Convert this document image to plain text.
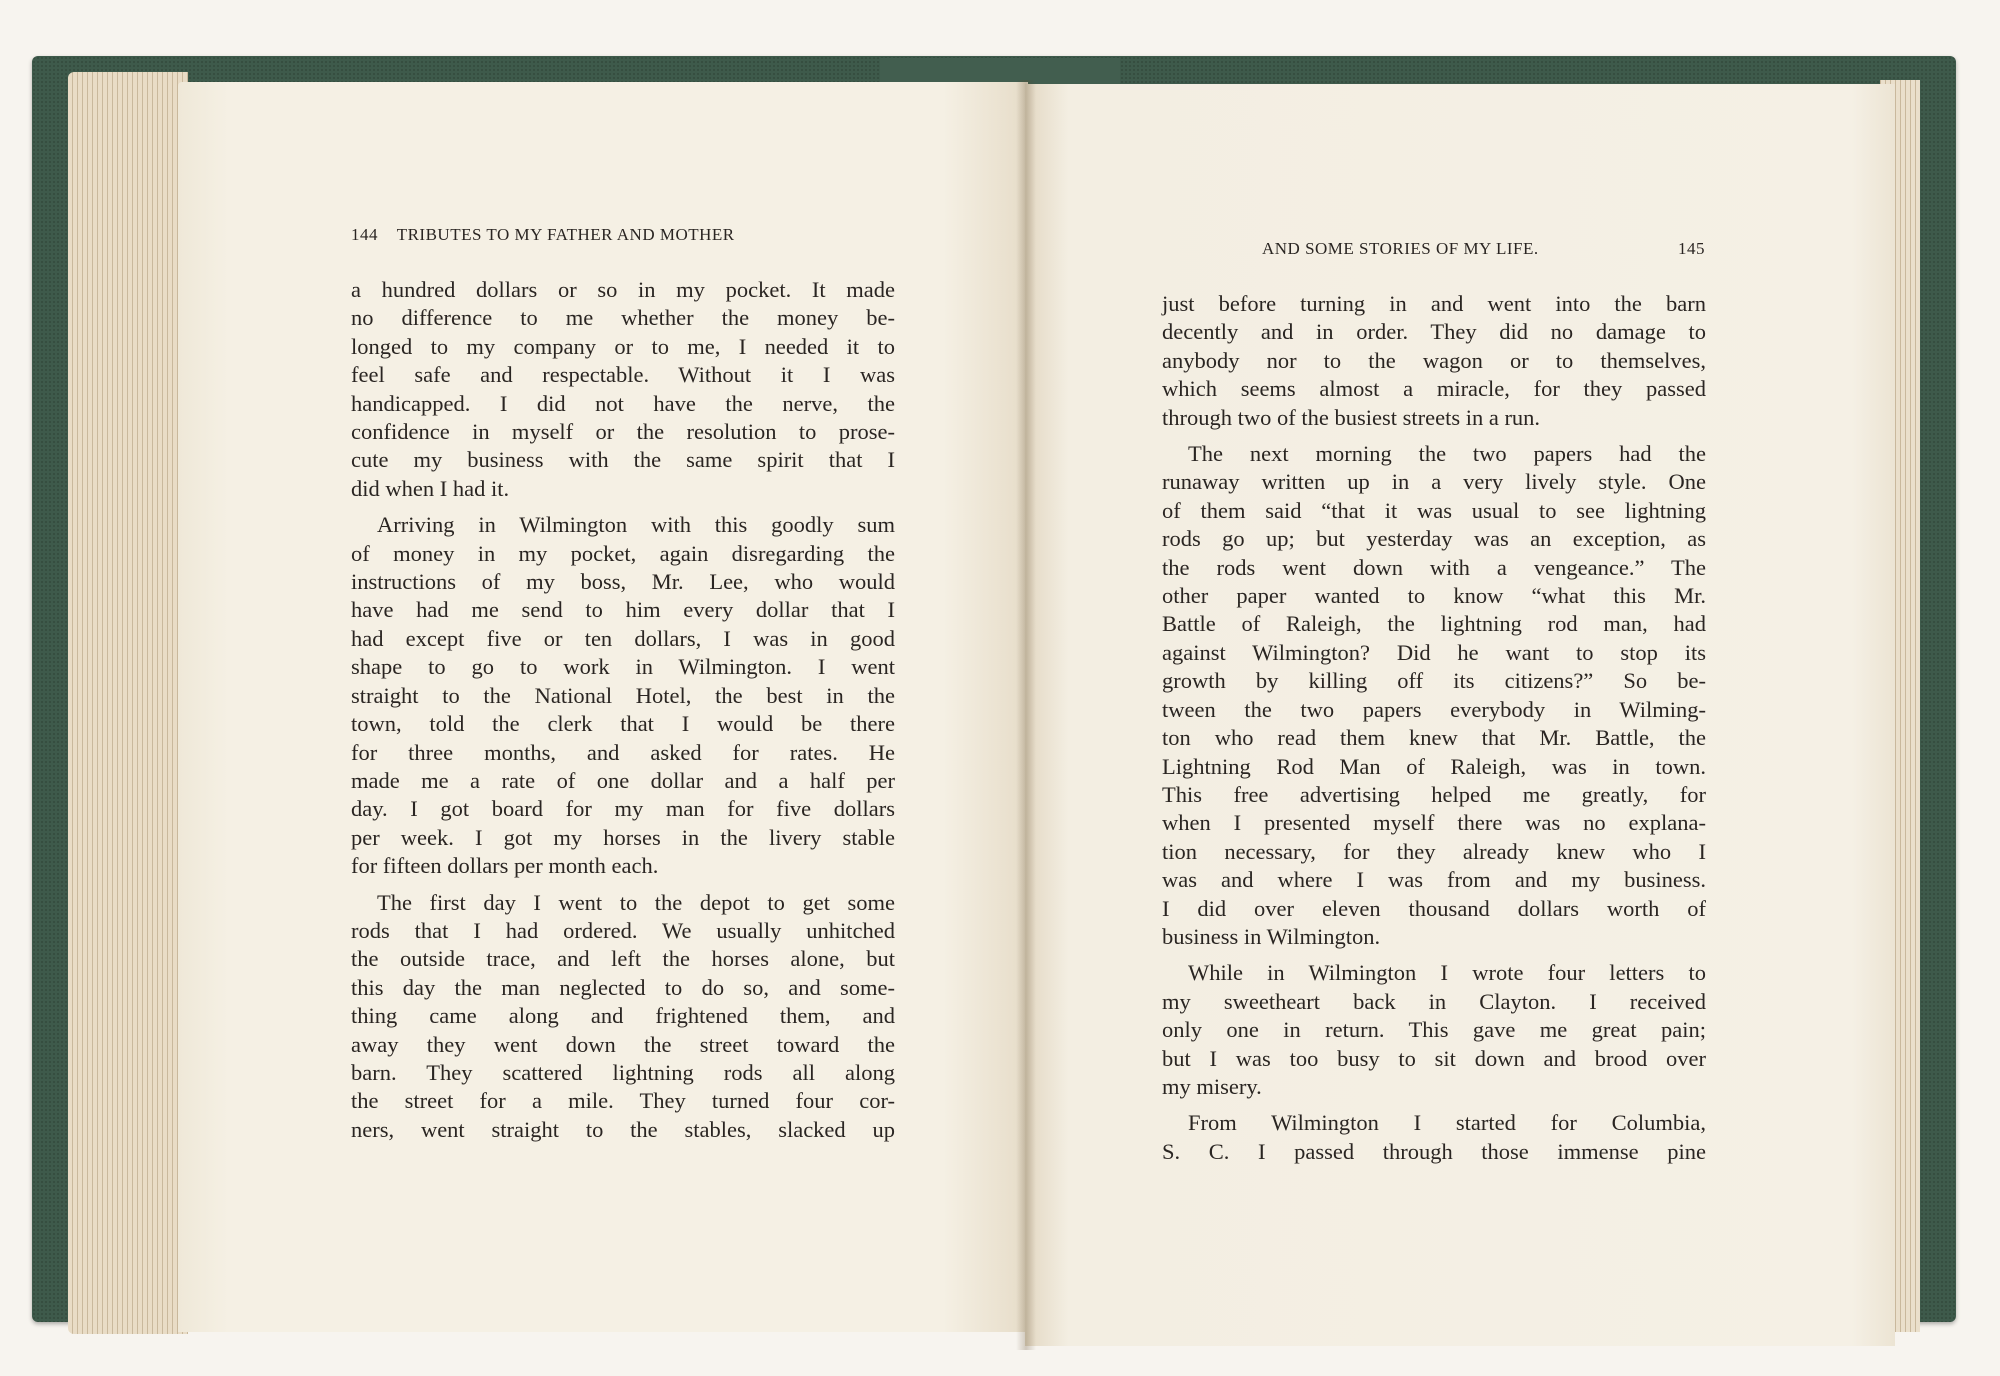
144 TRIBUTES TO MY FATHER AND MOTHER
a hundred dollars or so in my pocket. It made
no difference to me whether the money be-
longed to my company or to me, I needed it to
feel safe and respectable. Without it I was
handicapped. I did not have the nerve, the
confidence in myself or the resolution to prose-
cute my business with the same spirit that I
did when I had it.
Arriving in Wilmington with this goodly sum
of money in my pocket, again disregarding the
instructions of my boss, Mr. Lee, who would
have had me send to him every dollar that I
had except five or ten dollars, I was in good
shape to go to work in Wilmington. I went
straight to the National Hotel, the best in the
town, told the clerk that I would be there
for three months, and asked for rates. He
made me a rate of one dollar and a half per
day. I got board for my man for five dollars
per week. I got my horses in the livery stable
for fifteen dollars per month each.
The first day I went to the depot to get some
rods that I had ordered. We usually unhitched
the outside trace, and left the horses alone, but
this day the man neglected to do so, and some-
thing came along and frightened them, and
away they went down the street toward the
barn. They scattered lightning rods all along
the street for a mile. They turned four cor-
ners, went straight to the stables, slacked up
AND SOME STORIES OF MY LIFE.	145
just before turning in and went into the barn
decently and in order. They did no damage to
anybody nor to the wagon or to themselves,
which seems almost a miracle, for they passed
through two of the busiest streets in a run.
The next morning the two papers had the
runaway written up in a very lively style. One
of them said “that it was usual to see lightning
rods go up; but yesterday was an exception, as
the rods went down with a vengeance.” The
other paper wanted to know “what this Mr.
Battle of Raleigh, the lightning rod man, had
against Wilmington? Did he want to stop its
growth by killing off its citizens?” So be-
tween the two papers everybody in Wilming-
ton who read them knew that Mr. Battle, the
Lightning Rod Man of Raleigh, was in town.
This free advertising helped me greatly, for
when I presented myself there was no explana-
tion necessary, for they already knew who I
was and where I was from and my business.
I did over eleven thousand dollars worth of
business in Wilmington.
While in Wilmington I wrote four letters to
my sweetheart back in Clayton. I received
only one in return. This gave me great pain;
but I was too busy to sit down and brood over
my misery.
From Wilmington I started for Columbia,
S. C. I passed through those immense pine
